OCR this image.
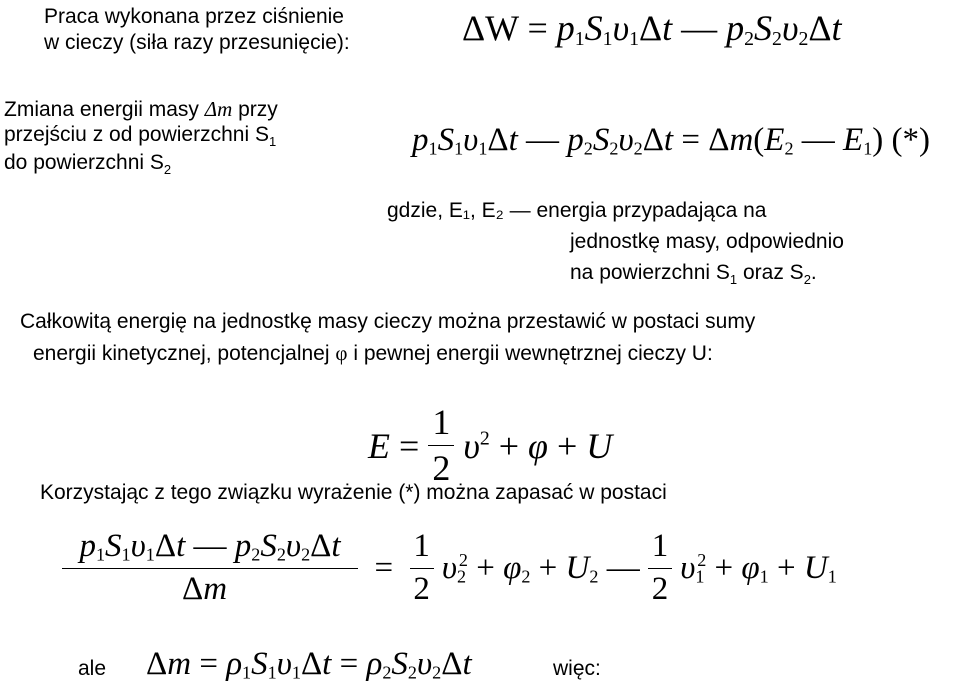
Praca wykonana przez ciśnienie
w cieczy (siła razy przesunięcie):	$\Delta W = p_1S_1\upsilon_1\Delta t$ — $p_2S_2\upsilon_2\Delta t$
Zmiana energii masy Δm przy
przejściu z od powierzchni $S_1$
do powierzchni $S_2$
$p_1S_1\upsilon_1\Delta t$ — $p_2S_2\upsilon_2\Delta t = \Delta m(E_2$ — $E_1$) (*)
gdzie, E₁, E₂ — energia przypadająca na
jednostkę masy, odpowiednio
na powierzchni $S_1$ oraz $S_2$.
Całkowitą energię na jednostkę masy cieczy można przestawić w postaci sumy
energii kinetycznej, potencjalnej φ i pewnej energii wewnętrznej cieczy U:
$E = \frac{1}{2} \upsilon^2 + \varphi + U$
Korzystając z tego związku wyrażenie (*) można zapasać w postaci
$\frac{p_1S_1\upsilon_1\Delta t — p_2S_2\upsilon_2\Delta t}{\Delta m} = \frac{1}{2} \upsilon_2^2 + \varphi_2 + U_2$ — $\frac{1}{2} \upsilon_1^2 + \varphi_1 + U_1$
ale $\Delta m = \rho_1S_1\upsilon_1\Delta t = \rho_2S_2\upsilon_2\Delta t$	więc:
